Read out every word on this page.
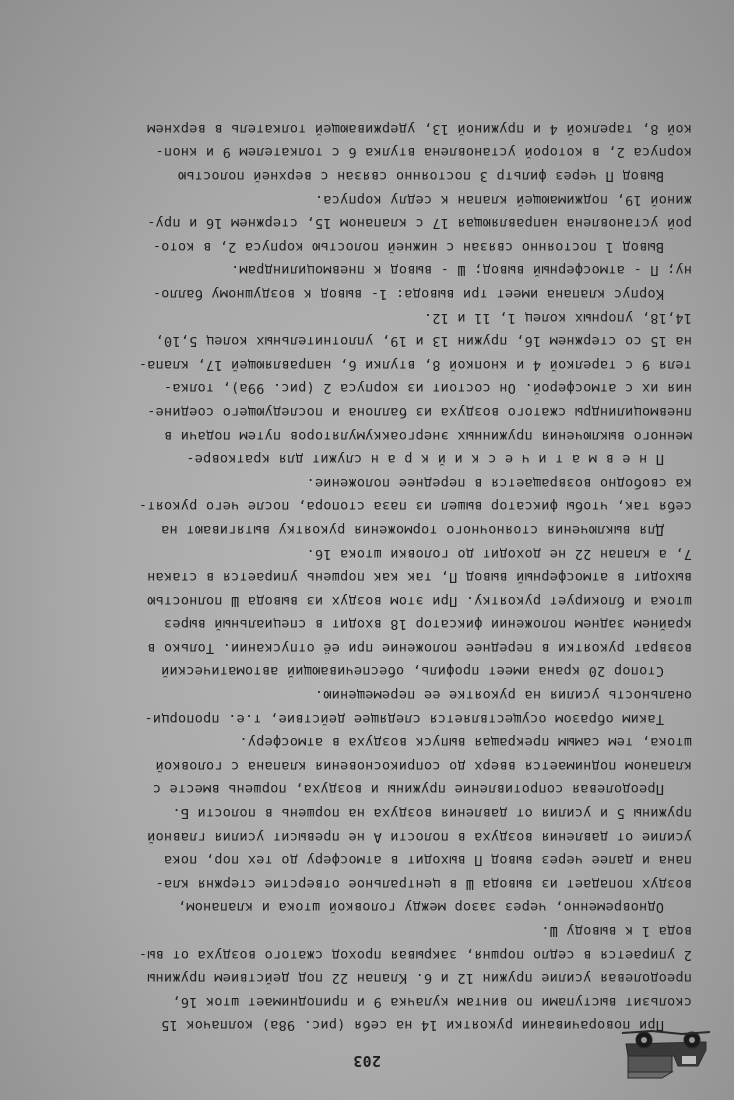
203
При поворачивании рукоятки 14 на себя (рис. 98а) колпачок 15
скользит выступами по винтам кулачка 9 и приподнимает шток 16,
преодолевая усилие пружин 12 и 6. Клапан 22 под действием пружины
2 упирается в седло поршня, закрывая проход сжатого воздуха от вы-
вода 1 к выводу Ш.
Одновременно, через зазор между головкой штока и клапаном,
воздух попадает из вывода Ш в центральное отверстие стержня кла-
пана и далее через вывод П выходит в атмосферу до тех пор, пока
усилие от давления воздуха в полости А не превысит усилия главной
пружины 5 и усилия от давления воздуха на поршень в полости Б.
Преодолевая сопротивление пружины и воздуха, поршень вместе с
клапаном поднимается вверх до соприкосновения клапана с головкой
штока, тем самым прекращая выпуск воздуха в атмосферу.
Таким образом осуществляется следящее действие, т.е. пропорци-
ональность усилия на рукоятке ее перемещению.
Стопор 20 крана имеет профиль, обеспечивающий автоматический
возврат рукоятки в переднее положение при её отпускании. Только в
крайнем заднем положении фиксатор 18 входит в специальный вырез
штока и блокирует рукоятку. При этом воздух из вывода Ш полностью
выходит в атмосферный вывод П, так как поршень упирается в стакан
7, а клапан 22 не доходит до головки штока 16.
Для выключения стояночного торможения рукоятку вытягивают на
себя так, чтобы фиксатор вышел из паза стопора, после чего рукоят-
ка свободно возвращается в переднее положение.
П н е в м а т и ч е с к и й к р а н служит для кратковре-
менного выключения пружинных энергоаккумуляторов путем подачи в
пневмоцилиндры сжатого воздуха из баллона и последующего соедине-
ния их с атмосферой. Он состоит из корпуса 2 (рис. 99а), толка-
теля 9 с тарелкой 4 и кнопкой 8, втулки 6, направляющей 17, клапа-
на 15 со стержнем 16, пружин 13 и 19, уплотнительных колец 5,10,
14,18, упорных колец 1, 11 и 12.
Корпус клапана имеет три вывода: 1- вывод к воздушному балло-
ну; П - атмосферный вывод; Ш - вывод к пневмоцилиндрам.
Вывод 1 постоянно связан с нижней полостью корпуса 2, в кото-
рой установлена направляющая 17 с клапаном 15, стержнем 16 и пру-
жиной 19, поджимающей клапан к седлу корпуса.
Вывод П через фильтр 3 постоянно связан с верхней полостью
корпуса 2, в которой установлена втулка 6 с толкателем 9 и кноп-
кой 8, тарелкой 4 и пружиной 13, удерживающей толкатель в верхнем
